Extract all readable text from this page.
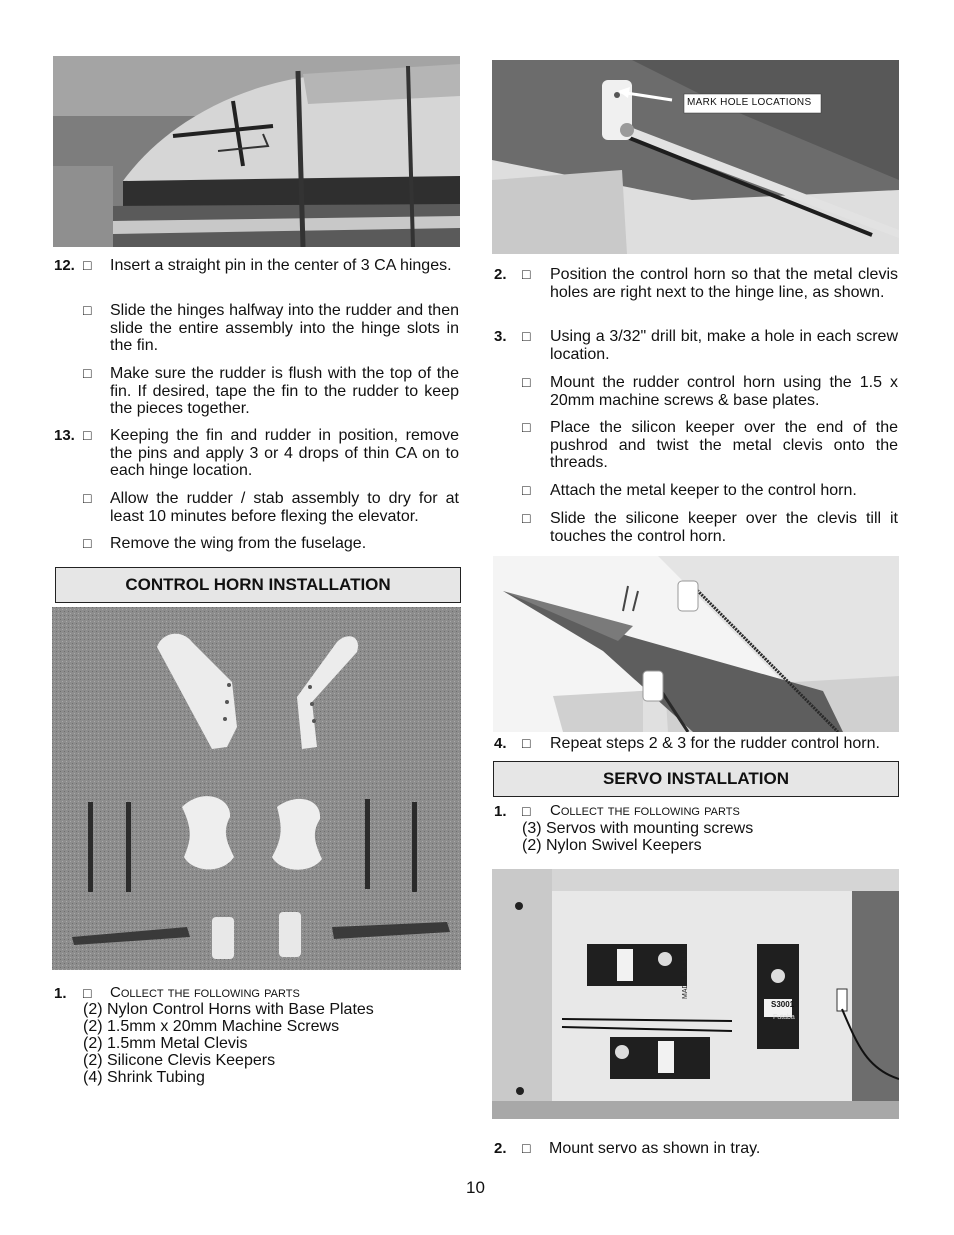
12. □ Insert a straight pin in the center of 3 CA hinges.
□ Slide the hinges halfway into the rudder and then slide the entire assembly into the hinge slots in the fin.
□ Make sure the rudder is flush with the top of the fin. If desired, tape the fin to the rudder to keep the pieces together.
13. □ Keeping the fin and rudder in position, remove the pins and apply 3 or 4 drops of thin CA on to each hinge location.
□ Allow the rudder / stab assembly to dry for at least 10 minutes before flexing the elevator.
□ Remove the wing from the fuselage.
CONTROL HORN INSTALLATION
1. □ Collect the following parts
(2) Nylon Control Horns with Base Plates
(2) 1.5mm x 20mm Machine Screws
(2) 1.5mm Metal Clevis
(2) Silicone Clevis Keepers
(4) Shrink Tubing
MARK HOLE LOCATIONS
2. □ Position the control horn so that the metal clevis holes are right next to the hinge line, as shown.
3. □ Using a 3/32" drill bit, make a hole in each screw location.
□ Mount the rudder control horn using the 1.5 x 20mm machine screws & base plates.
□ Place the silicon keeper over the end of the pushrod and twist the metal clevis onto the threads.
□ Attach the metal keeper to the control horn.
□ Slide the silicone keeper over the clevis till it touches the control horn.
4. □ Repeat steps 2 & 3 for the rudder control horn.
SERVO INSTALLATION
1. □ Collect the following parts
(3) Servos with mounting screws
(2) Nylon Swivel Keepers
S3001
Futaba
MADE IN CHINA
2. □ Mount servo as shown in tray.
10
